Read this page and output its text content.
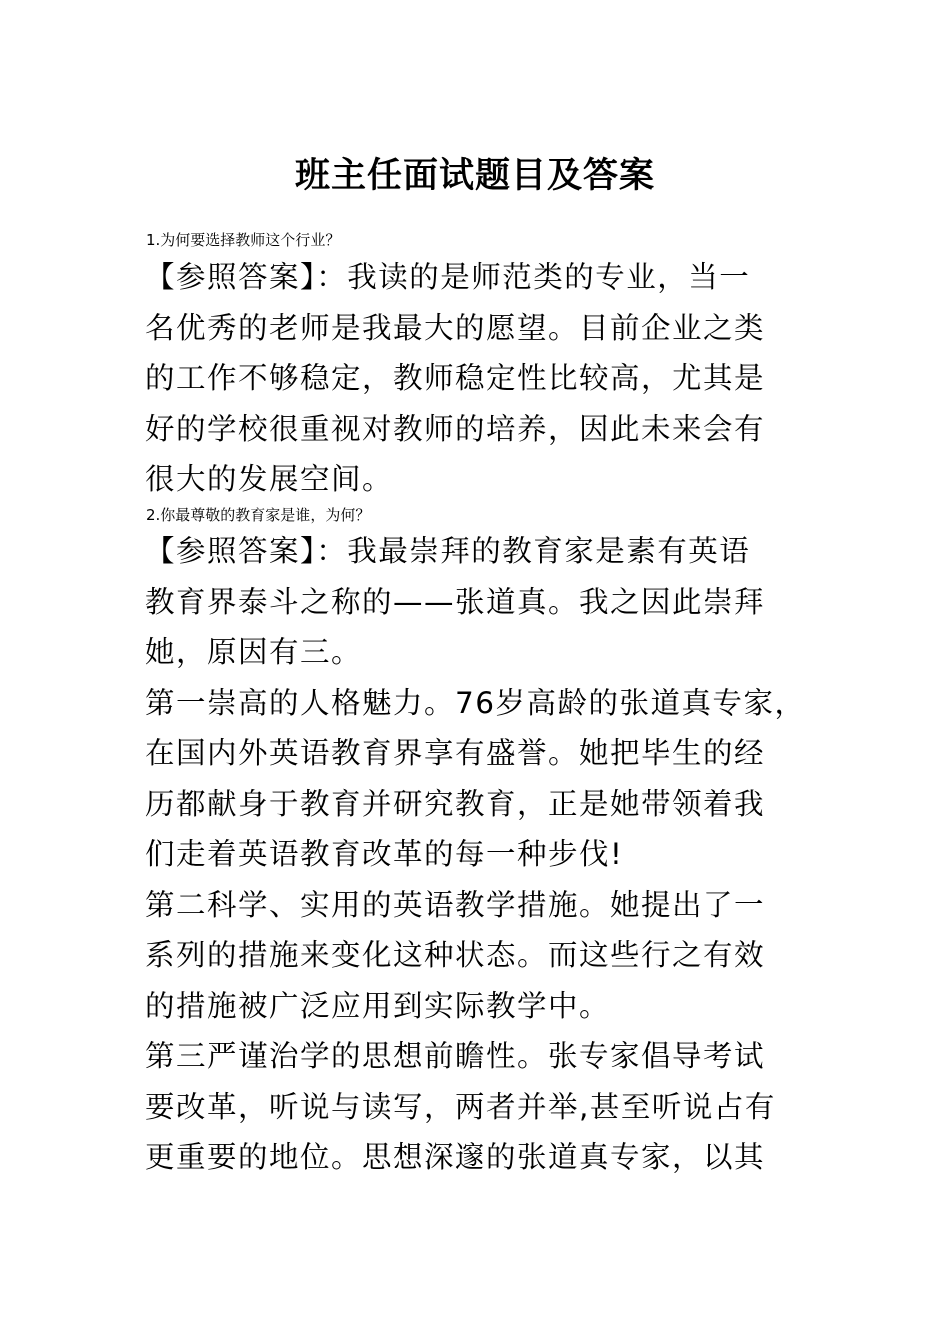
班主任面试题目及答案
1.为何要选择教师这个行业？
【参照答案】：我读的是师范类的专业，当一
名优秀的老师是我最大的愿望。目前企业之类
的工作不够稳定，教师稳定性比较高，尤其是
好的学校很重视对教师的培养，因此未来会有
很大的发展空间。
2.你最尊敬的教育家是谁，为何？
【参照答案】：我最崇拜的教育家是素有英语
教育界泰斗之称的——张道真。我之因此崇拜
她，原因有三。
第一崇高的人格魅力。76岁高龄的张道真专家，
在国内外英语教育界享有盛誉。她把毕生的经
历都献身于教育并研究教育，正是她带领着我
们走着英语教育改革的每一种步伐!
第二科学、实用的英语教学措施。她提出了一
系列的措施来变化这种状态。而这些行之有效
的措施被广泛应用到实际教学中。
第三严谨治学的思想前瞻性。张专家倡导考试
要改革，听说与读写，两者并举,甚至听说占有
更重要的地位。思想深邃的张道真专家，以其
